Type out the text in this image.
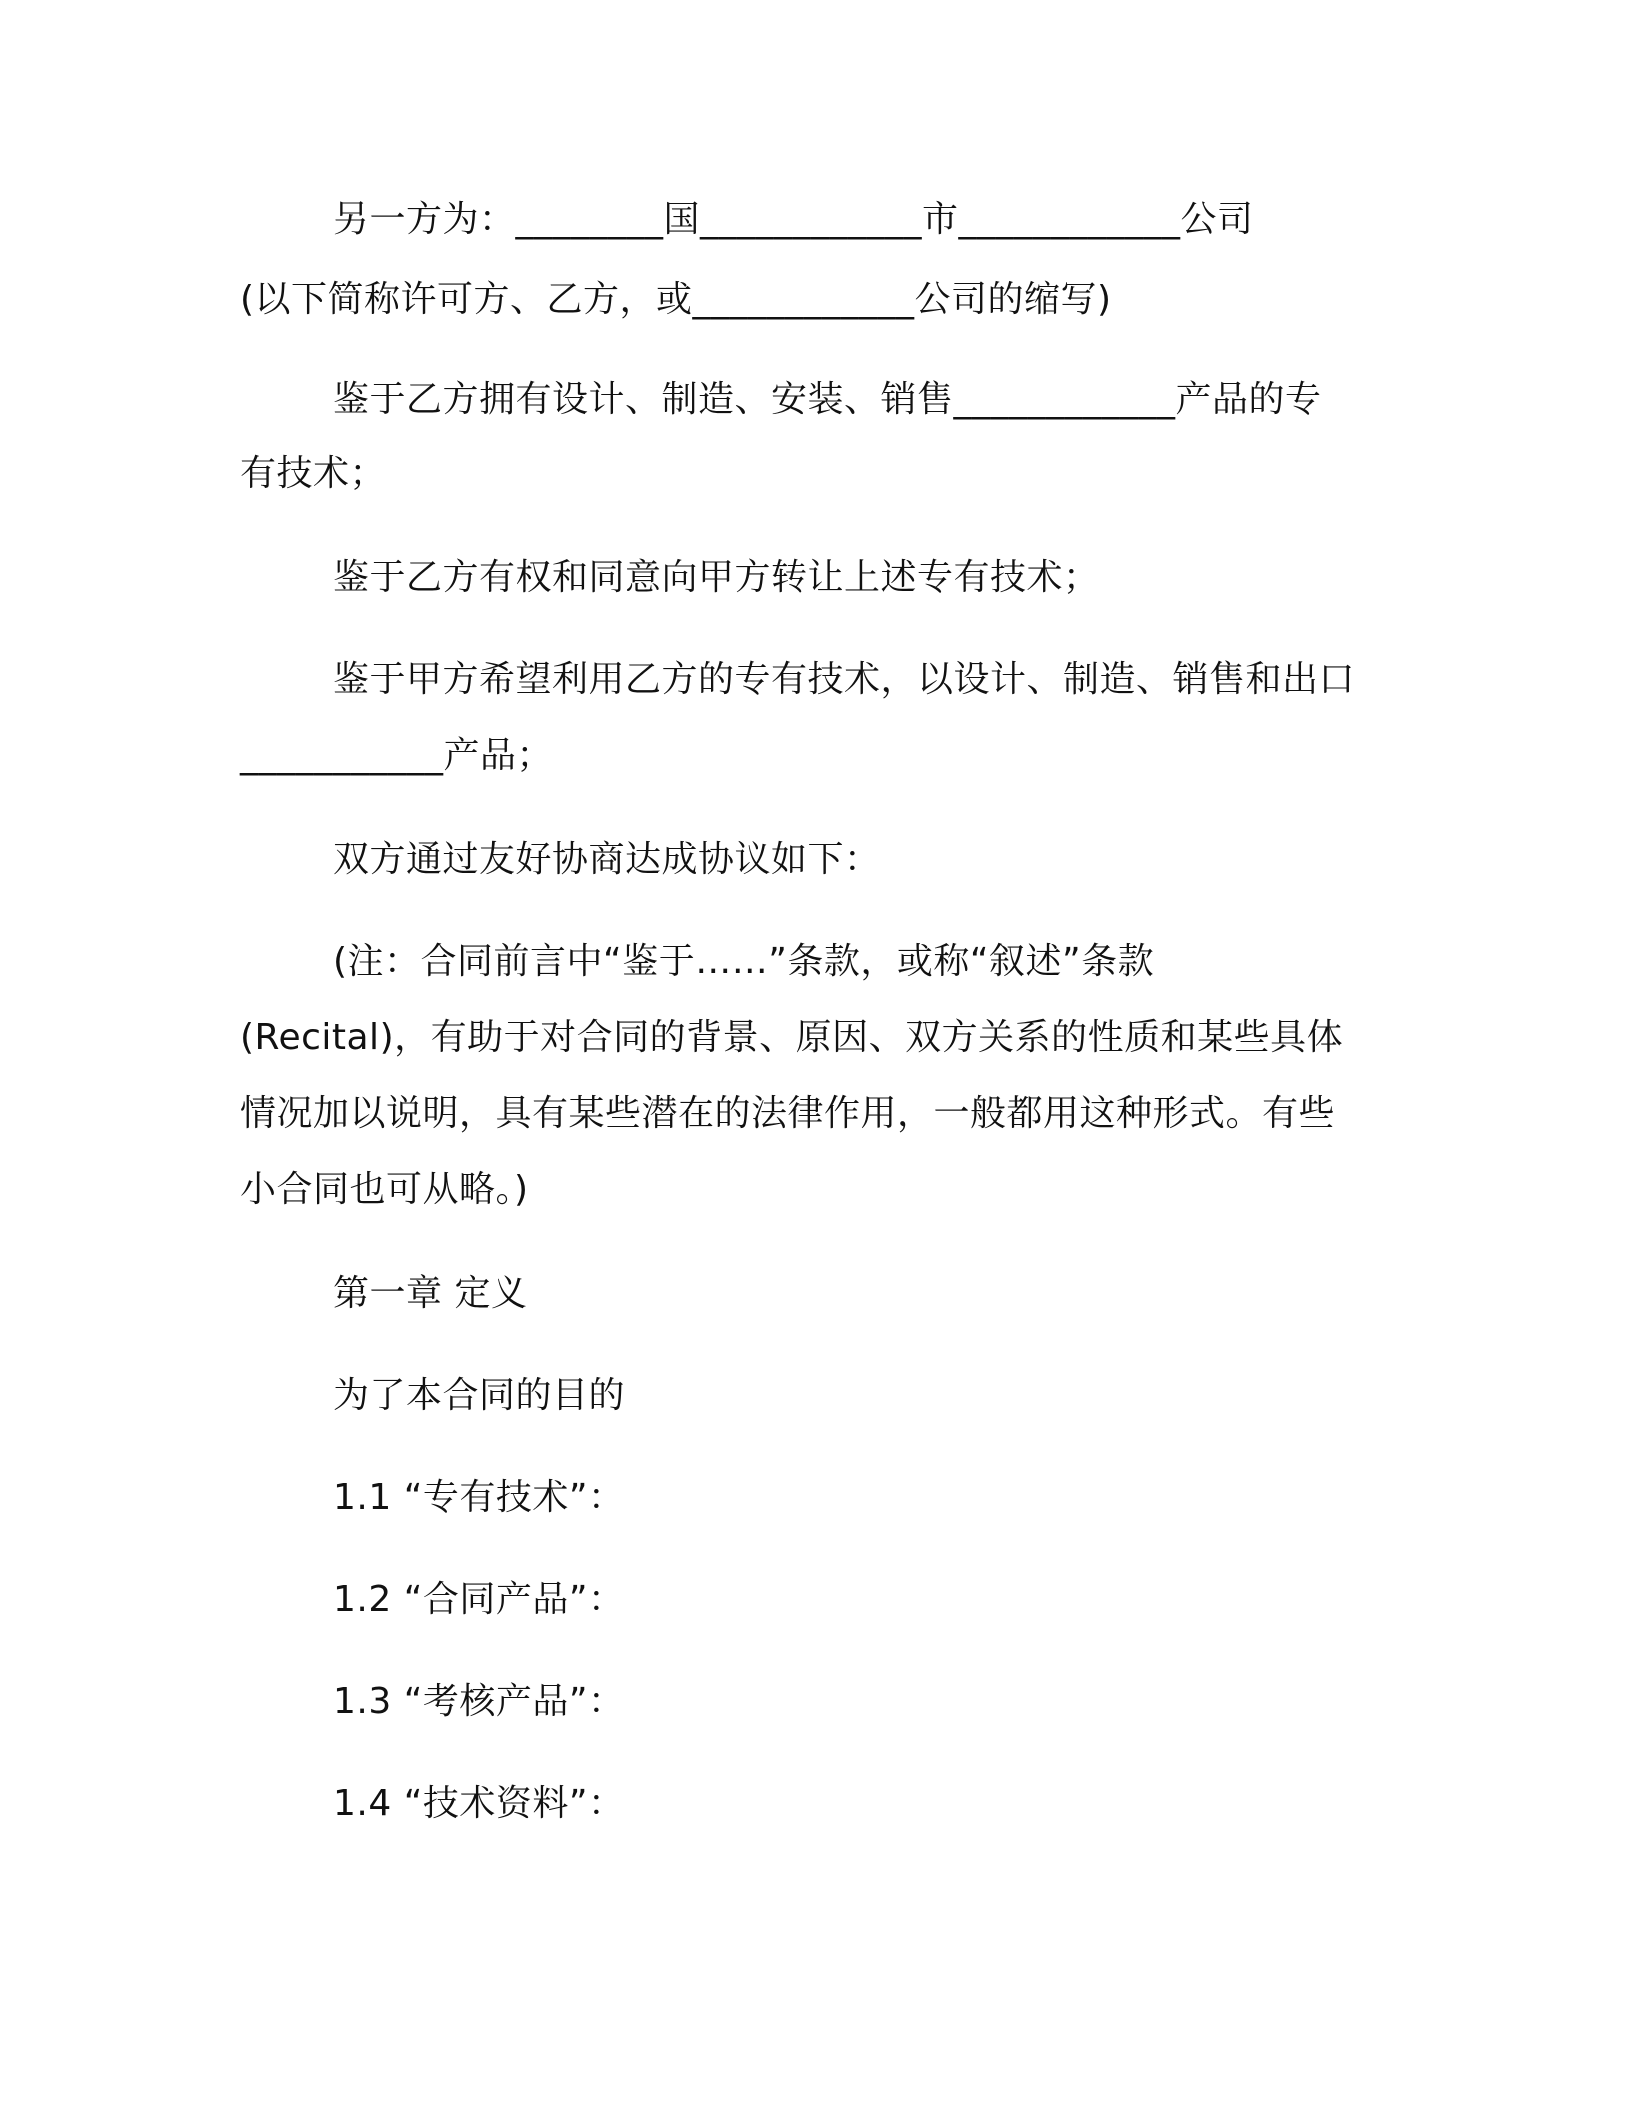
另一方为：________国____________市____________公司
(以下简称许可方、乙方，或____________公司的缩写)
鉴于乙方拥有设计、制造、安装、销售____________产品的专
有技术；
鉴于乙方有权和同意向甲方转让上述专有技术；
鉴于甲方希望利用乙方的专有技术，以设计、制造、销售和出口
___________产品；
双方通过友好协商达成协议如下：
(注：合同前言中“鉴于……”条款，或称“叙述”条款
(Recital)，有助于对合同的背景、原因、双方关系的性质和某些具体
情况加以说明，具有某些潜在的法律作用，一般都用这种形式。有些
小合同也可从略。)
第一章 定义
为了本合同的目的
1.1 “专有技术”：
1.2 “合同产品”：
1.3 “考核产品”：
1.4 “技术资料”：
